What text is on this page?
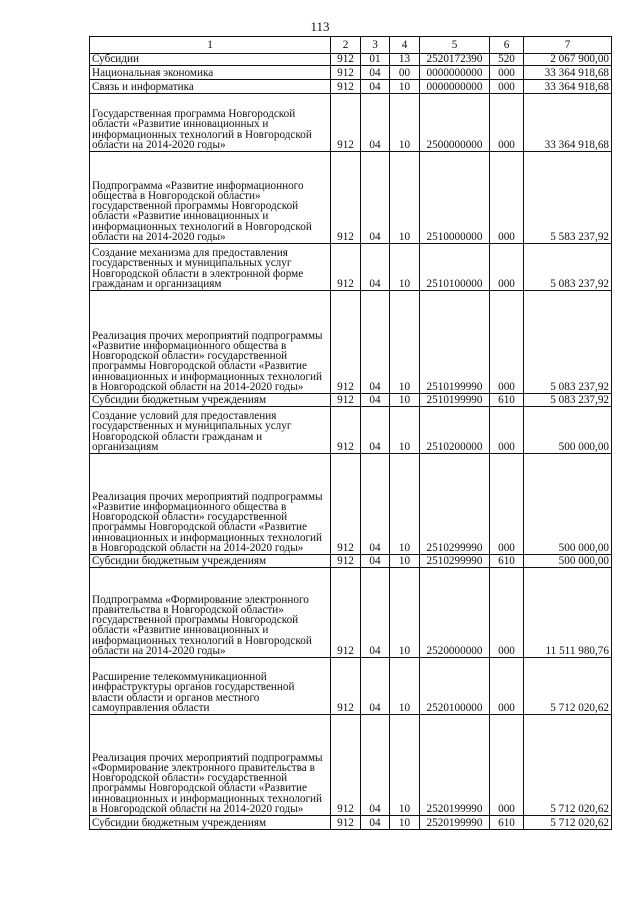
113
1	2	3	4	5	6	7
Субсидии	912	01	13	2520172390	520	2 067 900,00
Национальная экономика	912	04	00	0000000000	000	33 364 918,68
Связь и информатика	912	04	10	0000000000	000	33 364 918,68
Государственная программа Новгородской области «Развитие инновационных и информационных технологий в Новгородской области на 2014-2020 годы»	912	04	10	2500000000	000	33 364 918,68
Подпрограмма «Развитие информационного общества в Новгородской области» государственной программы Новгородской области «Развитие инновационных и информационных технологий в Новгородской области на 2014-2020 годы»	912	04	10	2510000000	000	5 583 237,92
Создание механизма для предоставления государственных и муниципальных услуг Новгородской области в электронной форме гражданам и организациям	912	04	10	2510100000	000	5 083 237,92
Реализация прочих мероприятий подпрограммы «Развитие информационного общества в Новгородской области» государственной программы Новгородской области «Развитие инновационных и информационных технологий в Новгородской области на 2014-2020 годы»	912	04	10	2510199990	000	5 083 237,92
Субсидии бюджетным учреждениям	912	04	10	2510199990	610	5 083 237,92
Создание условий для предоставления государственных и муниципальных услуг Новгородской области гражданам и организациям	912	04	10	2510200000	000	500 000,00
Реализация прочих мероприятий подпрограммы «Развитие информационного общества в Новгородской области» государственной программы Новгородской области «Развитие инновационных и информационных технологий в Новгородской области на 2014-2020 годы»	912	04	10	2510299990	000	500 000,00
Субсидии бюджетным учреждениям	912	04	10	2510299990	610	500 000,00
Подпрограмма «Формирование электронного правительства в Новгородской области» государственной программы Новгородской области «Развитие инновационных и информационных технологий в Новгородской области на 2014-2020 годы»	912	04	10	2520000000	000	11 511 980,76
Расширение телекоммуникационной инфраструктуры органов государственной власти области и органов местного самоуправления области	912	04	10	2520100000	000	5 712 020,62
Реализация прочих мероприятий подпрограммы «Формирование электронного правительства в Новгородской области» государственной программы Новгородской области «Развитие инновационных и информационных технологий в Новгородской области на 2014-2020 годы»	912	04	10	2520199990	000	5 712 020,62
Субсидии бюджетным учреждениям	912	04	10	2520199990	610	5 712 020,62
